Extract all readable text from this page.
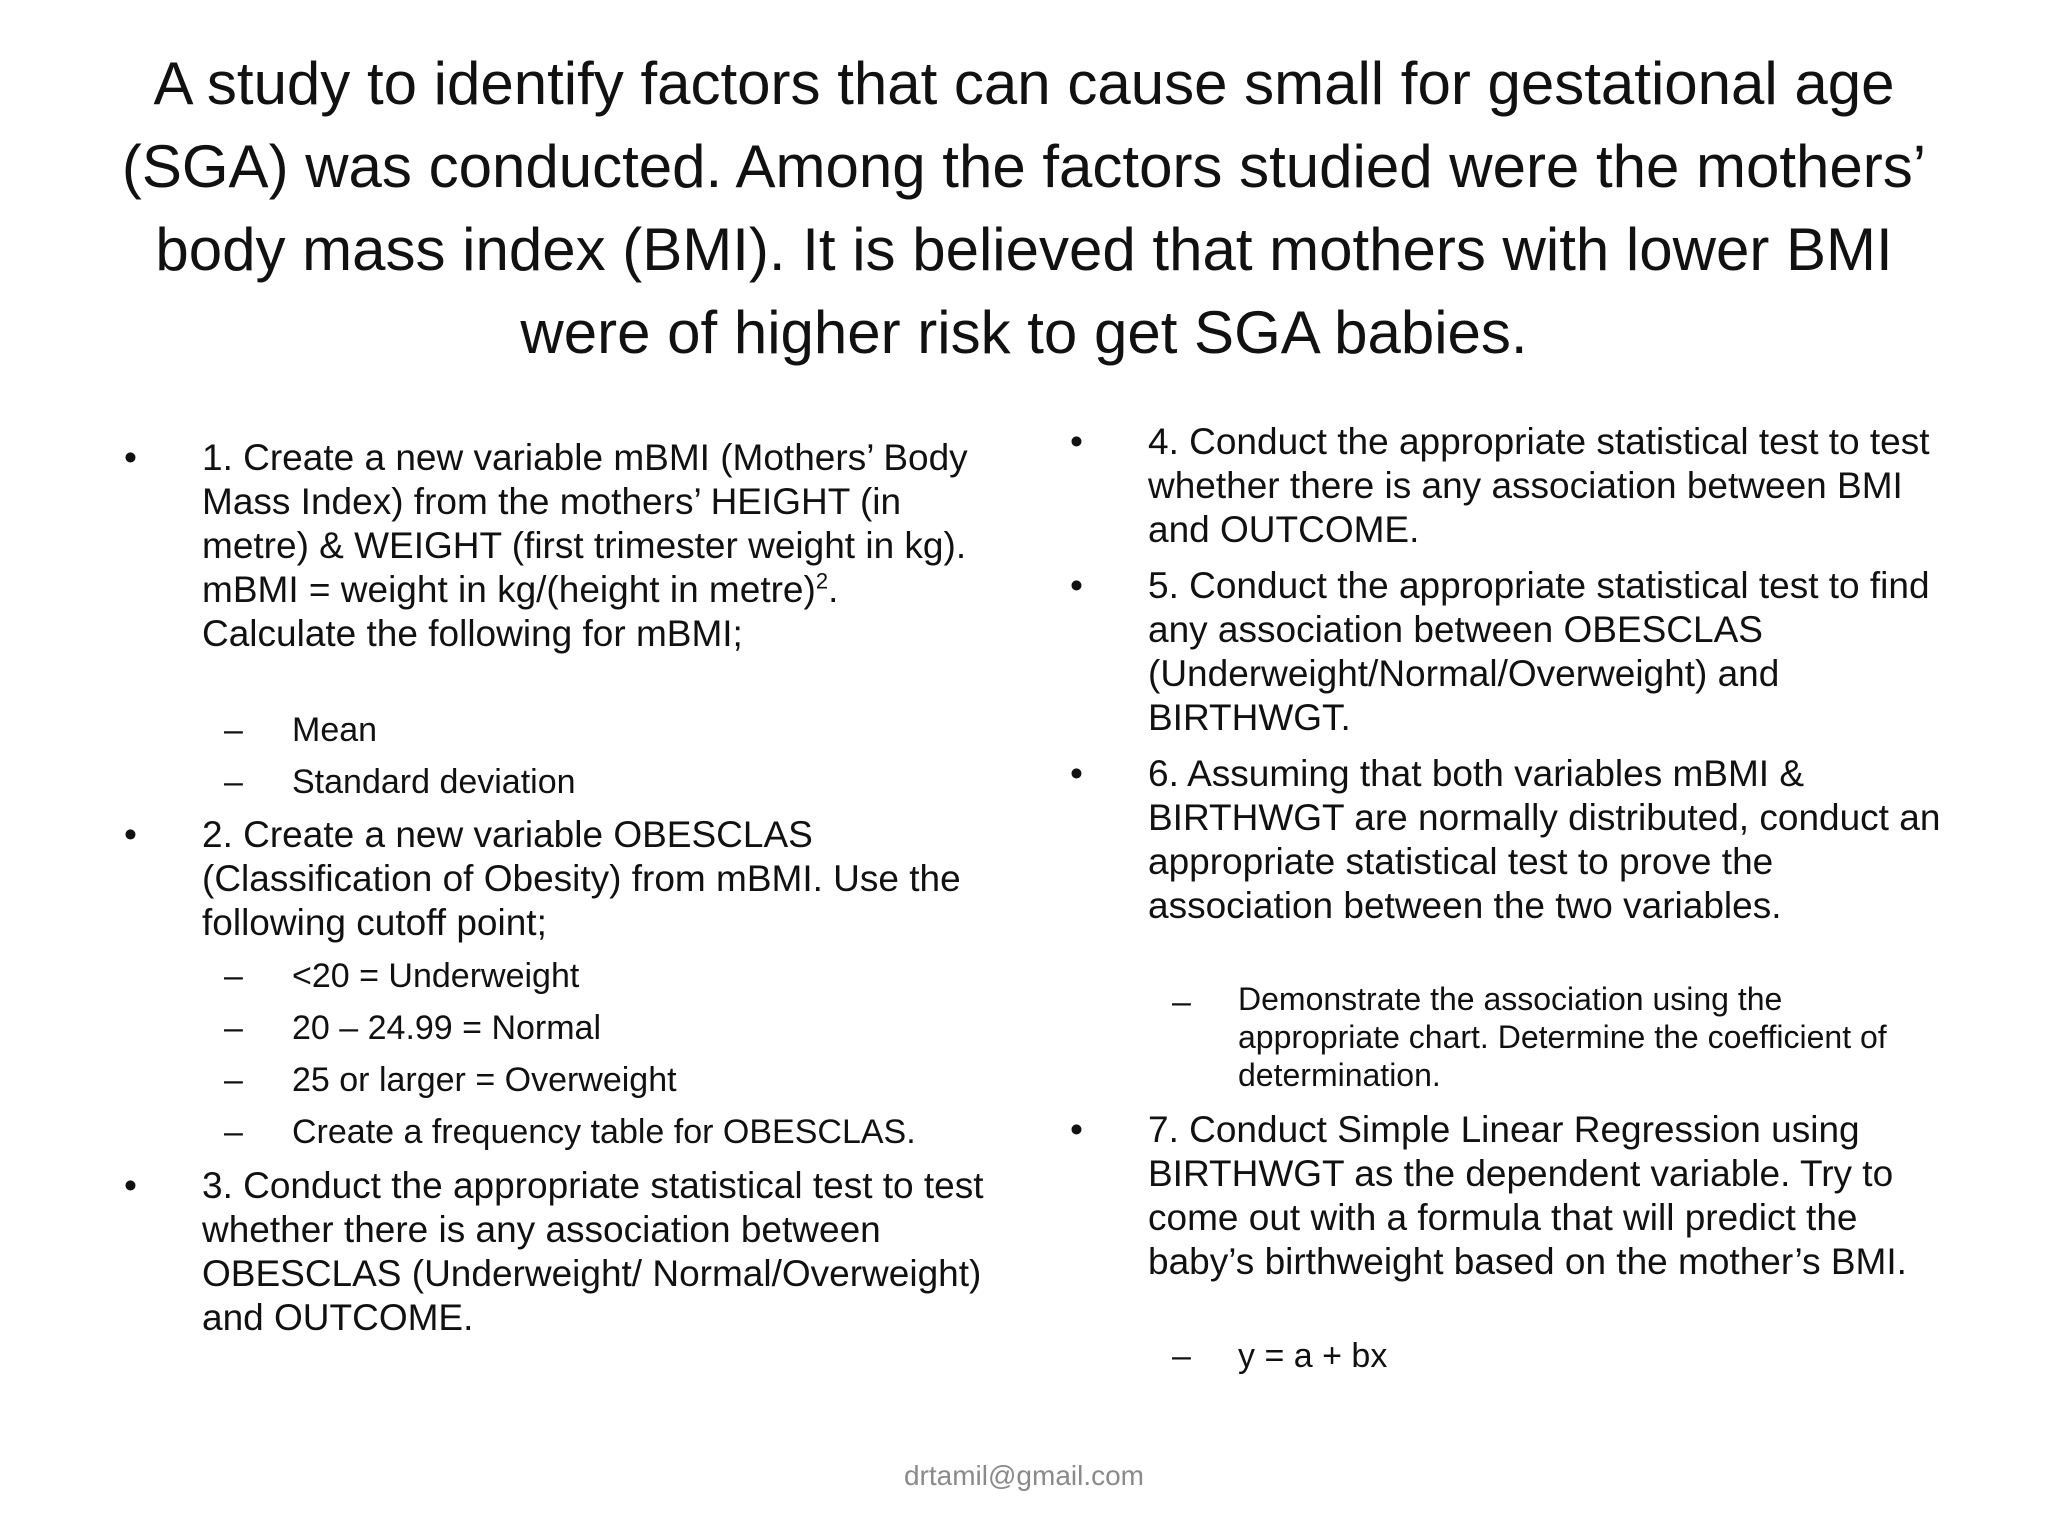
A study to identify factors that can cause small for gestational age (SGA) was conducted. Among the factors studied were the mothers’ body mass index (BMI). It is believed that mothers with lower BMI were of higher risk to get SGA babies.
• 1. Create a new variable mBMI (Mothers’ Body Mass Index) from the mothers’ HEIGHT (in metre) & WEIGHT (first trimester weight in kg). mBMI = weight in kg/(height in metre)$^2$. Calculate the following for mBMI;
– Mean
– Standard deviation
• 2. Create a new variable OBESCLAS (Classification of Obesity) from mBMI. Use the following cutoff point;
– <20 = Underweight
– 20 – 24.99 = Normal
– 25 or larger = Overweight
– Create a frequency table for OBESCLAS.
• 3. Conduct the appropriate statistical test to test whether there is any association between OBESCLAS (Underweight/ Normal/Overweight) and OUTCOME.
• 4. Conduct the appropriate statistical test to test whether there is any association between BMI and OUTCOME.
• 5. Conduct the appropriate statistical test to find any association between OBESCLAS (Underweight/Normal/Overweight) and BIRTHWGT.
• 6. Assuming that both variables mBMI & BIRTHWGT are normally distributed, conduct an appropriate statistical test to prove the association between the two variables.
– Demonstrate the association using the appropriate chart. Determine the coefficient of determination.
• 7. Conduct Simple Linear Regression using BIRTHWGT as the dependent variable. Try to come out with a formula that will predict the baby’s birthweight based on the mother’s BMI.
– y = a + bx
drtamil@gmail.com
